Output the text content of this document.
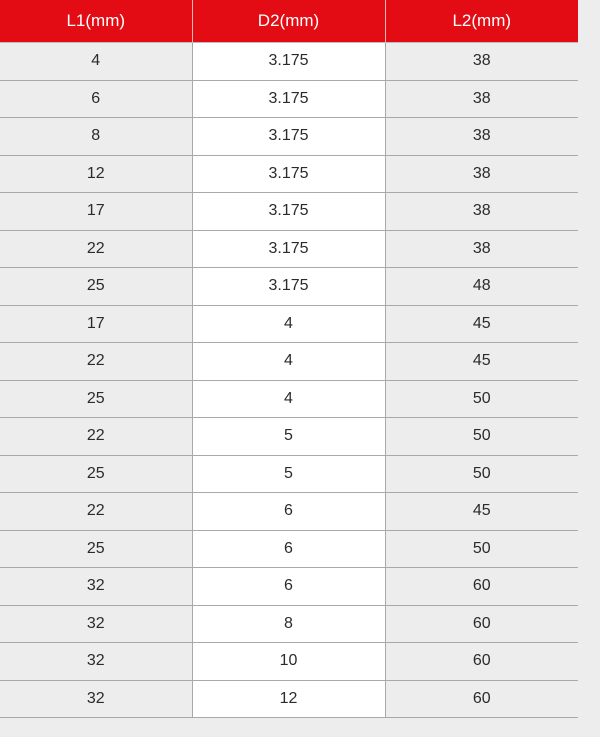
L1(mm)	D2(mm)	L2(mm)
4	3.175	38
6	3.175	38
8	3.175	38
12	3.175	38
17	3.175	38
22	3.175	38
25	3.175	48
17	4	45
22	4	45
25	4	50
22	5	50
25	5	50
22	6	45
25	6	50
32	6	60
32	8	60
32	10	60
32	12	60
